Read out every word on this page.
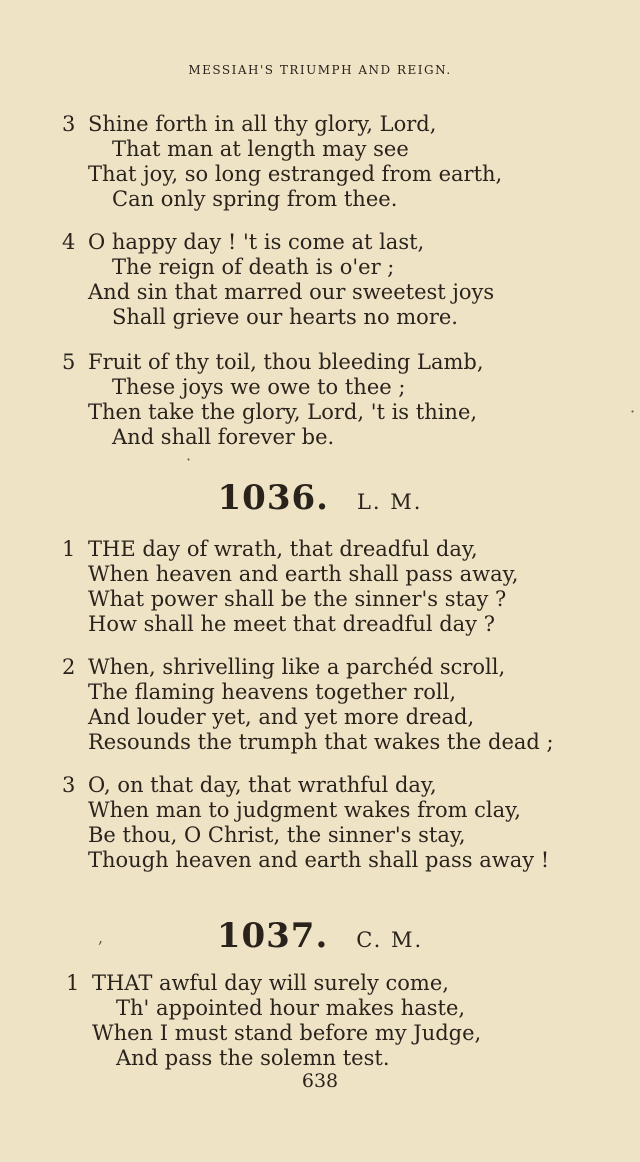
MESSIAH'S TRIUMPH AND REIGN.
3 Shine forth in all thy glory, Lord,
That man at length may see
That joy, so long estranged from earth,
Can only spring from thee.
4 O happy day ! 't is come at last,
The reign of death is o'er ;
And sin that marred our sweetest joys
Shall grieve our hearts no more.
5 Fruit of thy toil, thou bleeding Lamb,
These joys we owe to thee ;
Then take the glory, Lord, 't is thine,
And shall forever be.
·
·
1036. L. M.
1 THE day of wrath, that dreadful day,
When heaven and earth shall pass away,
What power shall be the sinner's stay ?
How shall he meet that dreadful day ?
2 When, shrivelling like a parchéd scroll,
The flaming heavens together roll,
And louder yet, and yet more dread,
Resounds the trumph that wakes the dead ;
3 O, on that day, that wrathful day,
When man to judgment wakes from clay,
Be thou, O Christ, the sinner's stay,
Though heaven and earth shall pass away !
,	1037. C. M.
1 THAT awful day will surely come,
Th' appointed hour makes haste,
When I must stand before my Judge,
And pass the solemn test.
638
